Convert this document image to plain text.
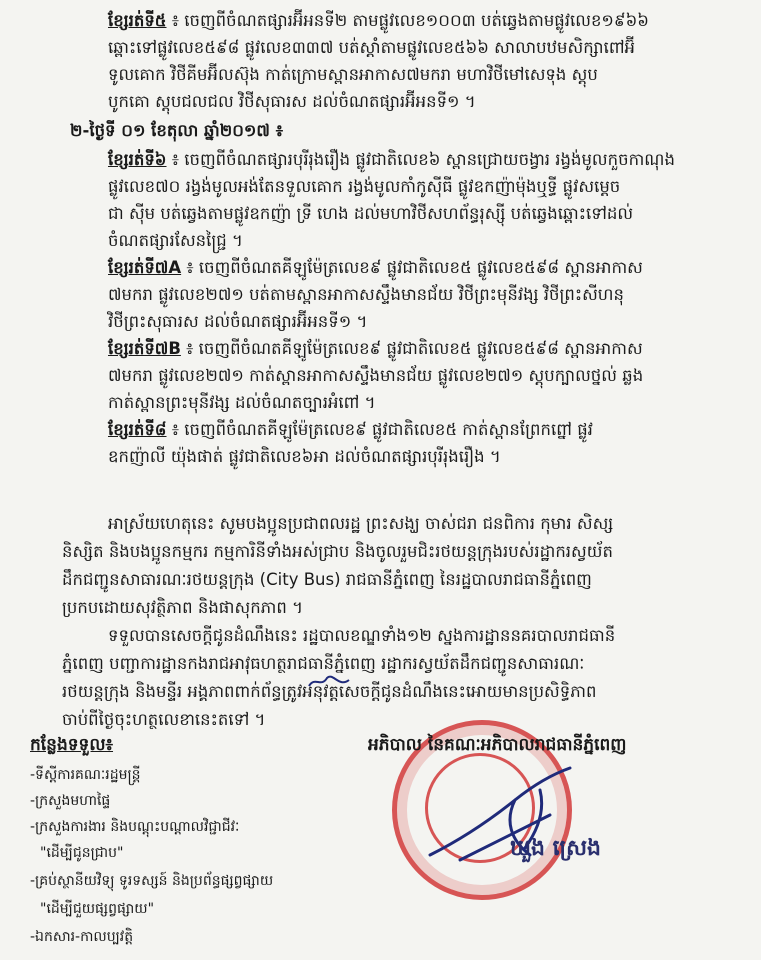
ខ្សែរត់ទី៥ ៖ ចេញពីចំណតផ្សារអ៊ីអនទី២ តាមផ្លូវលេខ១០០៣ បត់ឆ្វេងតាមផ្លូវលេខ១៩៦៦
ឆ្ពោះទៅផ្លូវលេខ៥៩៨ ផ្លូវលេខ៣៣៧ បត់ស្តាំតាមផ្លូវលេខ៥៦៦ សាលាបឋមសិក្សាពៅអ៊ី
ទូលគោក វិថីគីមអ៊ីលស៊ុង កាត់ក្រោមស្ពានអាកាស៧មករា មហាវិថីមៅសេទុង ស្តុប
បូកគោ ស្តុបជលជល វិថីសុធារស ដល់ចំណតផ្សារអ៊ីអនទី១ ។
២-ថ្ងៃទី ០១ ខែតុលា ឆ្នាំ២០១៧ ៖
ខ្សែរត់ទី៦ ៖ ចេញពីចំណតផ្សារបុរីរុងរឿង ផ្លូវជាតិលេខ៦ ស្ពានជ្រោយចង្វារ រង្វង់មូលកួចកាណុង
ផ្លូវលេខ៧០ រង្វង់មូលអង់តែនទួលគោក រង្វង់មូលកាំកូស៊ីធី ផ្លូវឧកញ៉ាម៉ុងឬទ្ធី ផ្លូវសម្តេច
ជា ស៊ីម បត់ឆ្វេងតាមផ្លូវឧកញ៉ា ទ្រី ហេង ដល់មហាវិថីសហព័ន្ធរុស្ស៊ី បត់ឆ្វេងឆ្ពោះទៅដល់
ចំណតផ្សារសែនជ្ជ្រៃ ។
ខ្សែរត់ទី៧A ៖ ចេញពីចំណតគីឡូម៉ែត្រលេខ៩ ផ្លូវជាតិលេខ៥ ផ្លូវលេខ៥៩៨ ស្ពានអាកាស
៧មករា ផ្លូវលេខ២៧១ បត់តាមស្ពានអាកាសស្ទឹងមានជ័យ វិថីព្រះមុនីវង្ស វិថីព្រះសីហនុ
វិថីព្រះសុធារស ដល់ចំណតផ្សារអ៊ីអនទី១ ។
ខ្សែរត់ទី៧B ៖ ចេញពីចំណតគីឡូម៉ែត្រលេខ៩ ផ្លូវជាតិលេខ៥ ផ្លូវលេខ៥៩៨ ស្ពានអាកាស
៧មករា ផ្លូវលេខ២៧១ កាត់ស្ពានអាកាសស្ទឹងមានជ័យ ផ្លូវលេខ២៧១ ស្តុបក្បាលថ្នល់ ឆ្លង
កាត់ស្ពានព្រះមុនីវង្ស ដល់ចំណតច្បារអំពៅ ។
ខ្សែរត់ទី៨ ៖ ចេញពីចំណតគីឡូម៉ែត្រលេខ៩ ផ្លូវជាតិលេខ៥ កាត់ស្ពានព្រែកព្នៅ ផ្លូវ
ឧកញ៉ាលី យ៉ុងផាត់ ផ្លូវជាតិលេខ៦អា ដល់ចំណតផ្សារបុរីរុងរឿង ។
អាស្រ័យហេតុនេះ សូមបងប្អូនប្រជាពលរដ្ឋ ព្រះសង្ឃ ចាស់ជរា ជនពិការ កុមារ សិស្ស
និស្សិត និងបងប្អូនកម្មករ កម្មការិនីទាំងអស់ជ្រាប និងចូលរួមជិះរថយន្តក្រុងរបស់រដ្ឋាករស្វយ័ត
ដឹកជញ្ជូនសាធារណៈរថយន្តក្រុង (City Bus) រាជធានីភ្នំពេញ នៃរដ្ឋបាលរាជធានីភ្នំពេញ
ប្រកបដោយសុវត្ថិភាព និងផាសុកភាព ។
ទទួលបានសេចក្តីជូនដំណឹងនេះ រដ្ឋបាលខណ្ឌទាំង១២ ស្នងការដ្ឋាននគរបាលរាជធានី
ភ្នំពេញ បញ្ជាការដ្ឋានកងរាជអាវុធហត្ថរាជធានីភ្នំពេញ រដ្ឋាករស្វយ័តដឹកជញ្ជូនសាធារណៈ
រថយន្តក្រុង និងមន្ទីរ អង្គភាពពាក់ព័ន្ធត្រូវអនុវត្តសេចក្តីជូនដំណឹងនេះអោយមានប្រសិទ្ធិភាព
ចាប់ពីថ្ងៃចុះហត្ថលេខានេះតទៅ ។
អភិបាល នៃគណៈអភិបាលរាជធានីភ្នំពេញ
ឃួង ស្រេង
កន្លែងទទួល៖
-ទីស្តីការគណៈរដ្ឋមន្ត្រី
-ក្រសួងមហាផ្ទៃ
-ក្រសួងការងារ និងបណ្តុះបណ្តាលវិជ្ជាជីវៈ
"ដើម្បីជូនជ្រាប"
-គ្រប់ស្ថានីយវិទ្យុ ទូរទស្សន៍ និងប្រព័ន្ធផ្សព្វផ្សាយ
"ដើម្បីជួយផ្សព្វផ្សាយ"
-ឯកសារ-កាលប្បវត្តិ
